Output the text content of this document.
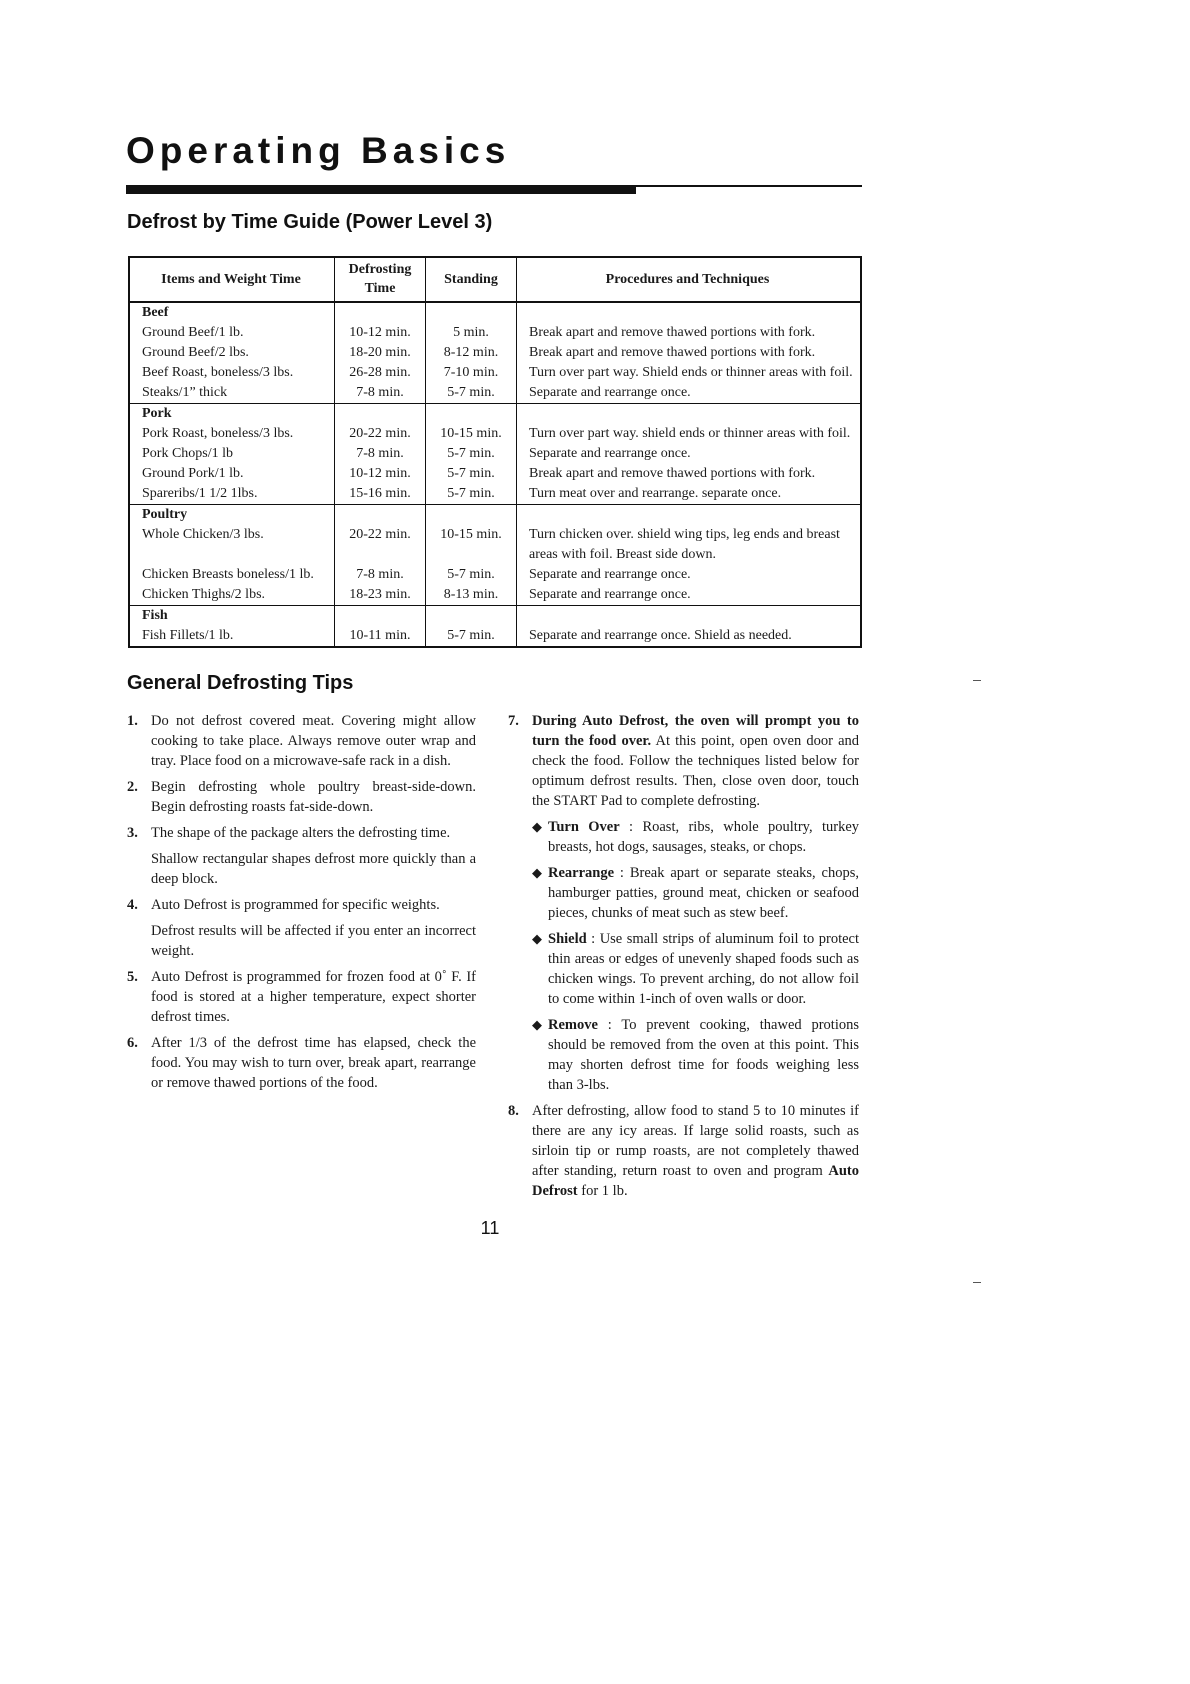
Operating Basics
Defrost by Time Guide (Power Level 3)
Items and Weight Time	Defrosting Time	Standing	Procedures and Techniques
Beef			
Ground Beef/1 lb.	10-12 min.	5 min.	Break apart and remove thawed portions with fork.
Ground Beef/2 lbs.	18-20 min.	8-12 min.	Break apart and remove thawed portions with fork.
Beef Roast, boneless/3 lbs.	26-28 min.	7-10 min.	Turn over part way. Shield ends or thinner areas with foil.
Steaks/1” thick	7-8 min.	5-7 min.	Separate and rearrange once.
Pork			
Pork Roast, boneless/3 lbs.	20-22 min.	10-15 min.	Turn over part way. shield ends or thinner areas with foil.
Pork Chops/1 lb	7-8 min.	5-7 min.	Separate and rearrange once.
Ground Pork/1 lb.	10-12 min.	5-7 min.	Break apart and remove thawed portions with fork.
Spareribs/1 1/2 1lbs.	15-16 min.	5-7 min.	Turn meat over and rearrange. separate once.
Poultry			
Whole Chicken/3 lbs.	20-22 min.	10-15 min.	Turn chicken over. shield wing tips, leg ends and breast areas with foil. Breast side down.
Chicken Breasts boneless/1 lb.	7-8 min.	5-7 min.	Separate and rearrange once.
Chicken Thighs/2 lbs.	18-23 min.	8-13 min.	Separate and rearrange once.
Fish			
Fish Fillets/1 lb.	10-11 min.	5-7 min.	Separate and rearrange once. Shield as needed.
General Defrosting Tips
1. Do not defrost covered meat. Covering might allow cooking to take place. Always remove outer wrap and tray. Place food on a microwave-safe rack in a dish.

2. Begin defrosting whole poultry breast-side-down. Begin defrosting roasts fat-side-down.

3. The shape of the package alters the defrosting time.

Shallow rectangular shapes defrost more quickly than a deep block.

4. Auto Defrost is programmed for specific weights.

Defrost results will be affected if you enter an incorrect weight.

5. Auto Defrost is programmed for frozen food at 0˚ F. If food is stored at a higher temperature, expect shorter defrost times.

6. After 1/3 of the defrost time has elapsed, check the food. You may wish to turn over, break apart, rearrange or remove thawed portions of the food.

7. During Auto Defrost, the oven will prompt you to turn the food over. At this point, open oven door and check the food. Follow the techniques listed below for optimum defrost results. Then, close oven door, touch the START Pad to complete defrosting.

◆ Turn Over : Roast, ribs, whole poultry, turkey breasts, hot dogs, sausages, steaks, or chops.
◆ Rearrange : Break apart or separate steaks, chops, hamburger patties, ground meat, chicken or seafood pieces, chunks of meat such as stew beef.
◆ Shield : Use small strips of aluminum foil to protect thin areas or edges of unevenly shaped foods such as chicken wings. To prevent arching, do not allow foil to come within 1-inch of oven walls or door.
◆ Remove : To prevent cooking, thawed protions should be removed from the oven at this point. This may shorten defrost time for foods weighing less than 3-lbs.
8. After defrosting, allow food to stand 5 to 10 minutes if there are any icy areas. If large solid roasts, such as sirloin tip or rump roasts, are not completely thawed after standing, return roast to oven and program Auto Defrost for 1 lb.

11
